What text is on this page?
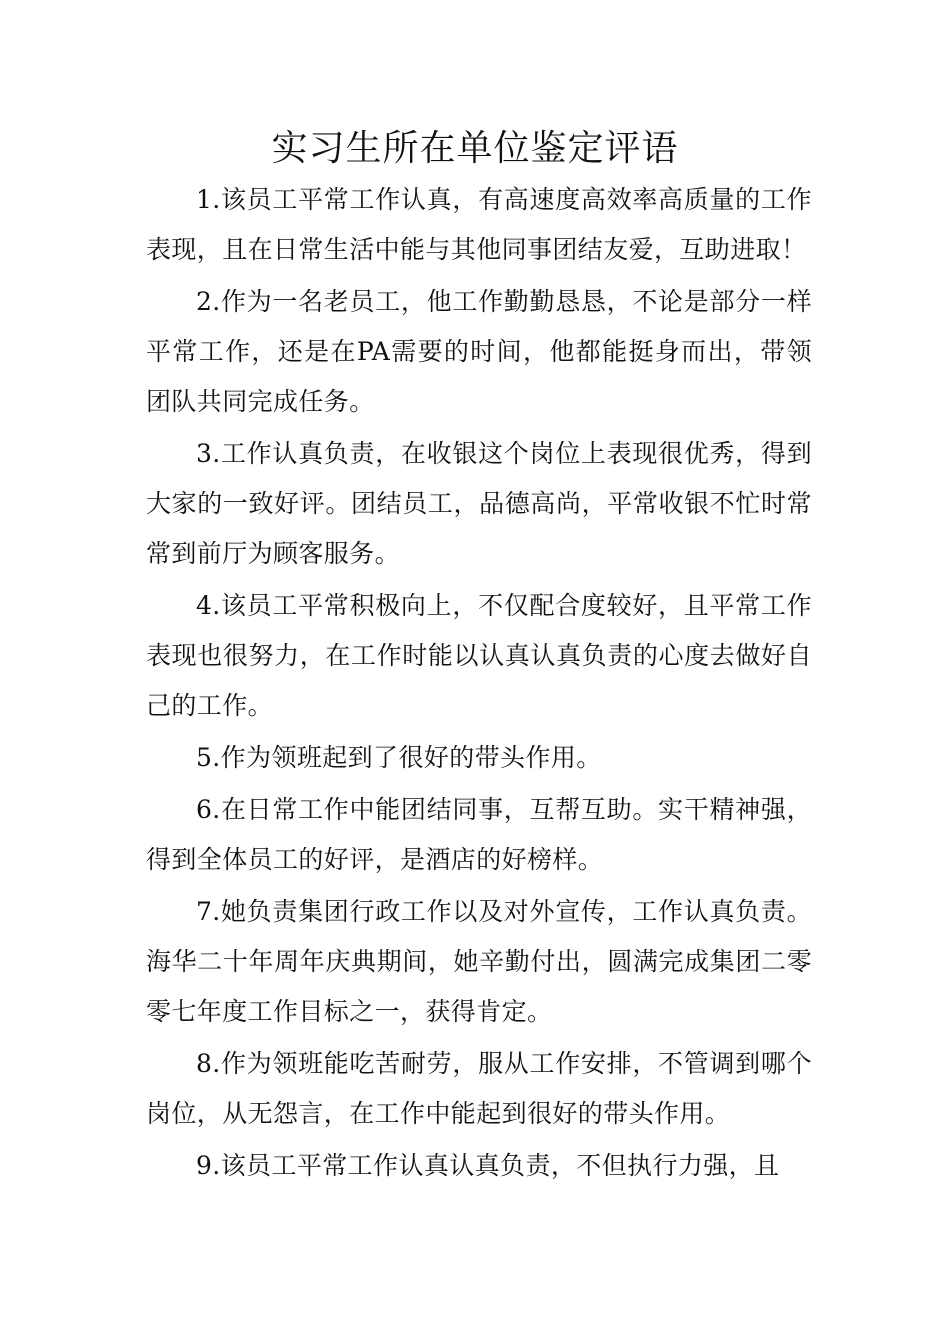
实习生所在单位鉴定评语

1.该员工平常工作认真，有高速度高效率高质量的工作表现，且在日常生活中能与其他同事团结友爱，互助进取！

2.作为一名老员工，他工作勤勤恳恳，不论是部分一样平常工作，还是在PA需要的时间，他都能挺身而出，带领团队共同完成任务。

3.工作认真负责，在收银这个岗位上表现很优秀，得到大家的一致好评。团结员工，品德高尚，平常收银不忙时常常到前厅为顾客服务。

4.该员工平常积极向上，不仅配合度较好，且平常工作表现也很努力，在工作时能以认真认真负责的心度去做好自己的工作。

5.作为领班起到了很好的带头作用。

6.在日常工作中能团结同事，互帮互助。实干精神强，得到全体员工的好评，是酒店的好榜样。

7.她负责集团行政工作以及对外宣传，工作认真负责。海华二十年周年庆典期间，她辛勤付出，圆满完成集团二零零七年度工作目标之一，获得肯定。

8.作为领班能吃苦耐劳，服从工作安排，不管调到哪个岗位，从无怨言，在工作中能起到很好的带头作用。

9.该员工平常工作认真认真负责，不但执行力强，且
